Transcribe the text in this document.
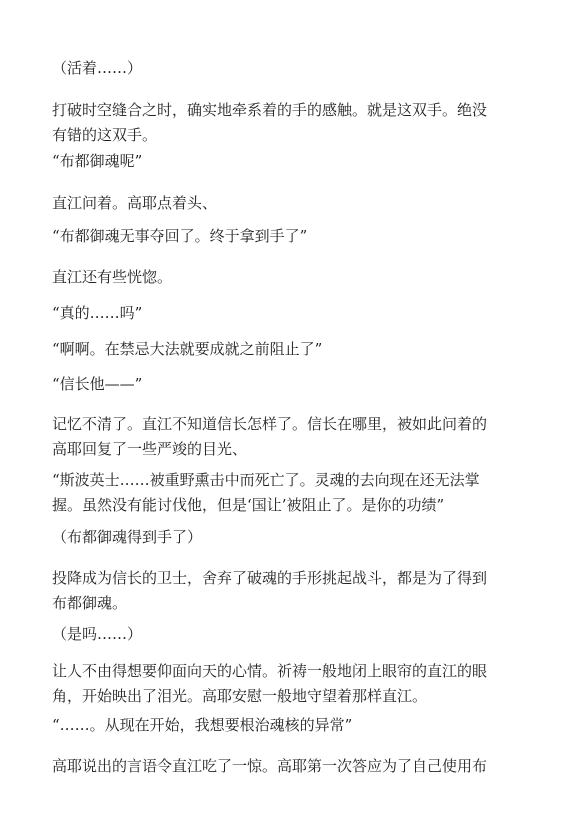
（活着……）

打破时空缝合之时，确实地牵系着的手的感触。就是这双手。绝没
有错的这双手。

“布都御魂呢”

直江问着。高耶点着头、

“布都御魂无事夺回了。终于拿到手了”

直江还有些恍惚。

“真的……吗”

“啊啊。在禁忌大法就要成就之前阻止了”

“信长他——”

记忆不清了。直江不知道信长怎样了。信长在哪里，被如此问着的
高耶回复了一些严竣的目光、

“斯波英士……被重野熏击中而死亡了。灵魂的去向现在还无法掌
握。虽然没有能讨伐他，但是‘国让’被阻止了。是你的功绩”

（布都御魂得到手了）

投降成为信长的卫士，舍弃了破魂的手形挑起战斗，都是为了得到
布都御魂。

（是吗……）

让人不由得想要仰面向天的心情。祈祷一般地闭上眼帘的直江的眼
角，开始映出了泪光。高耶安慰一般地守望着那样直江。

“……。从现在开始，我想要根治魂核的异常”

高耶说出的言语令直江吃了一惊。高耶第一次答应为了自己使用布
